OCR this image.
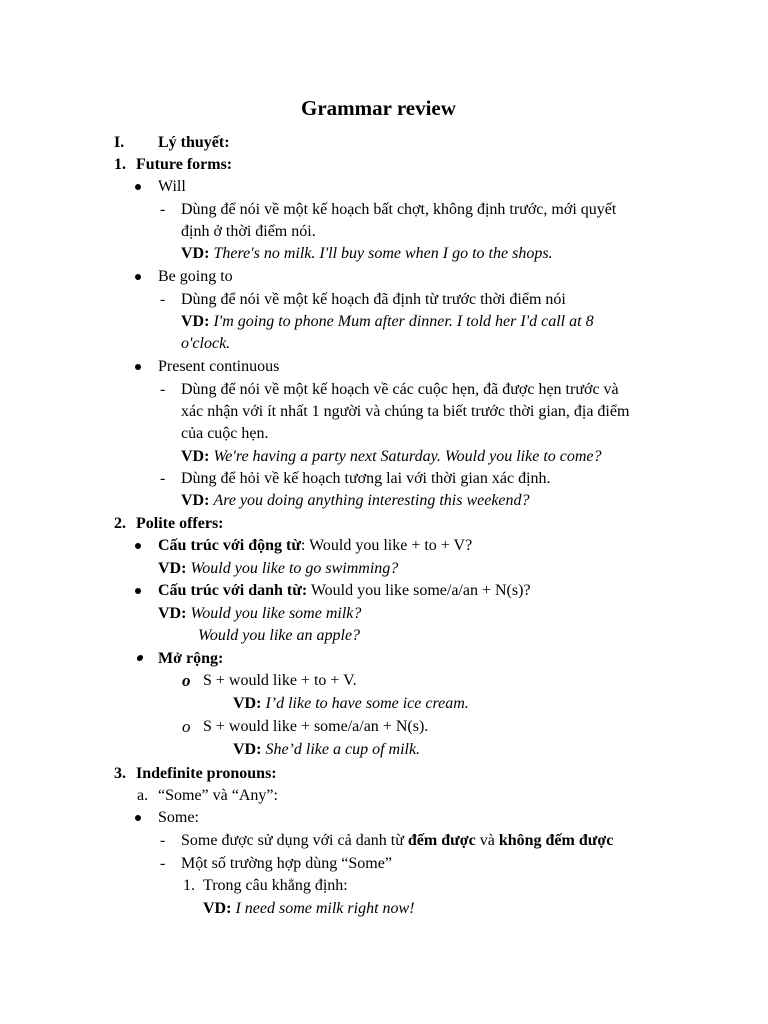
Grammar review
I. Lý thuyết:
1. Future forms:
Will
- Dùng để nói về một kế hoạch bất chợt, không định trước, mới quyết
định ở thời điểm nói.
VD: There's no milk. I'll buy some when I go to the shops.
Be going to
- Dùng để nói về một kế hoạch đã định từ trước thời điểm nói
VD: I'm going to phone Mum after dinner. I told her I'd call at 8
o'clock.
Present continuous
- Dùng để nói về một kế hoạch về các cuộc hẹn, đã được hẹn trước và
xác nhận với ít nhất 1 người và chúng ta biết trước thời gian, địa điểm
của cuộc hẹn.
VD: We're having a party next Saturday. Would you like to come?
- Dùng để hỏi về kế hoạch tương lai với thời gian xác định.
VD: Are you doing anything interesting this weekend?
2. Polite offers:
Cấu trúc với động từ: Would you like + to + V?
VD: Would you like to go swimming?
Cấu trúc với danh từ: Would you like some/a/an + N(s)?
VD: Would you like some milk?
Would you like an apple?
Mở rộng:
o S + would like + to + V.
VD: I’d like to have some ice cream.
o S + would like + some/a/an + N(s).
VD: She’d like a cup of milk.
3. Indefinite pronouns:
a. “Some” và “Any”:
Some:
- Some được sử dụng với cả danh từ đếm được và không đếm được
- Một số trường hợp dùng “Some”
1. Trong câu khẳng định:
VD: I need some milk right now!
